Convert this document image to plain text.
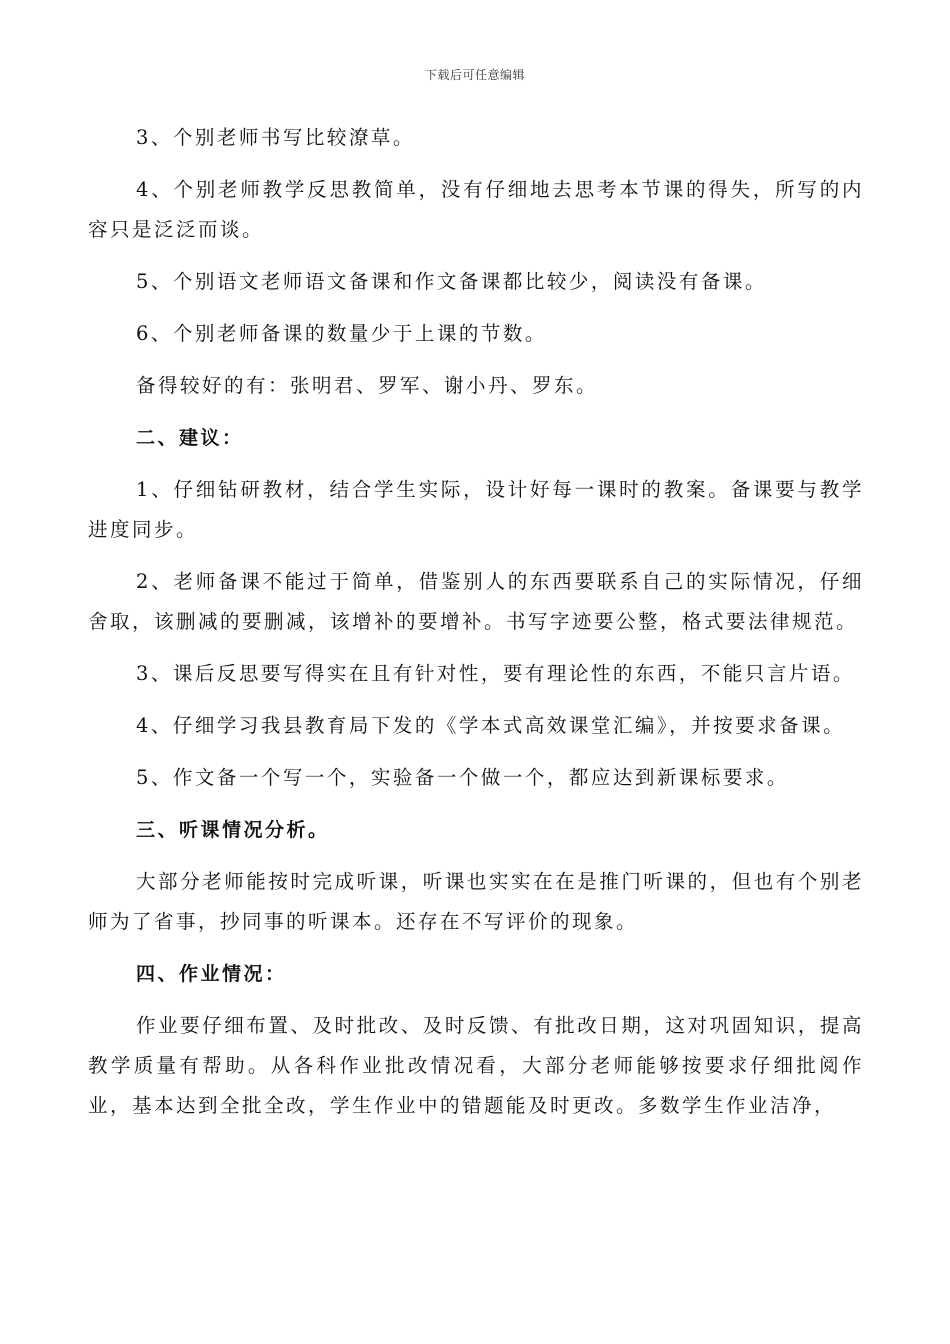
下载后可任意编辑

3、个别老师书写比较潦草。

4、个别老师教学反思教简单，没有仔细地去思考本节课的得失，所写的内容只是泛泛而谈。

5、个别语文老师语文备课和作文备课都比较少，阅读没有备课。

6、个别老师备课的数量少于上课的节数。

备得较好的有：张明君、罗军、谢小丹、罗东。

二、建议：

1、仔细钻研教材，结合学生实际，设计好每一课时的教案。备课要与教学进度同步。

2、老师备课不能过于简单，借鉴别人的东西要联系自己的实际情况，仔细舍取，该删减的要删减，该增补的要增补。书写字迹要公整，格式要法律规范。

3、课后反思要写得实在且有针对性，要有理论性的东西，不能只言片语。

4、仔细学习我县教育局下发的《学本式高效课堂汇编》，并按要求备课。

5、作文备一个写一个，实验备一个做一个，都应达到新课标要求。

三、听课情况分析。

大部分老师能按时完成听课，听课也实实在在是推门听课的，但也有个别老师为了省事，抄同事的听课本。还存在不写评价的现象。

四、作业情况：

作业要仔细布置、及时批改、及时反馈、有批改日期，这对巩固知识，提高教学质量有帮助。从各科作业批改情况看，大部分老师能够按要求仔细批阅作业，基本达到全批全改，学生作业中的错题能及时更改。多数学生作业洁净，
